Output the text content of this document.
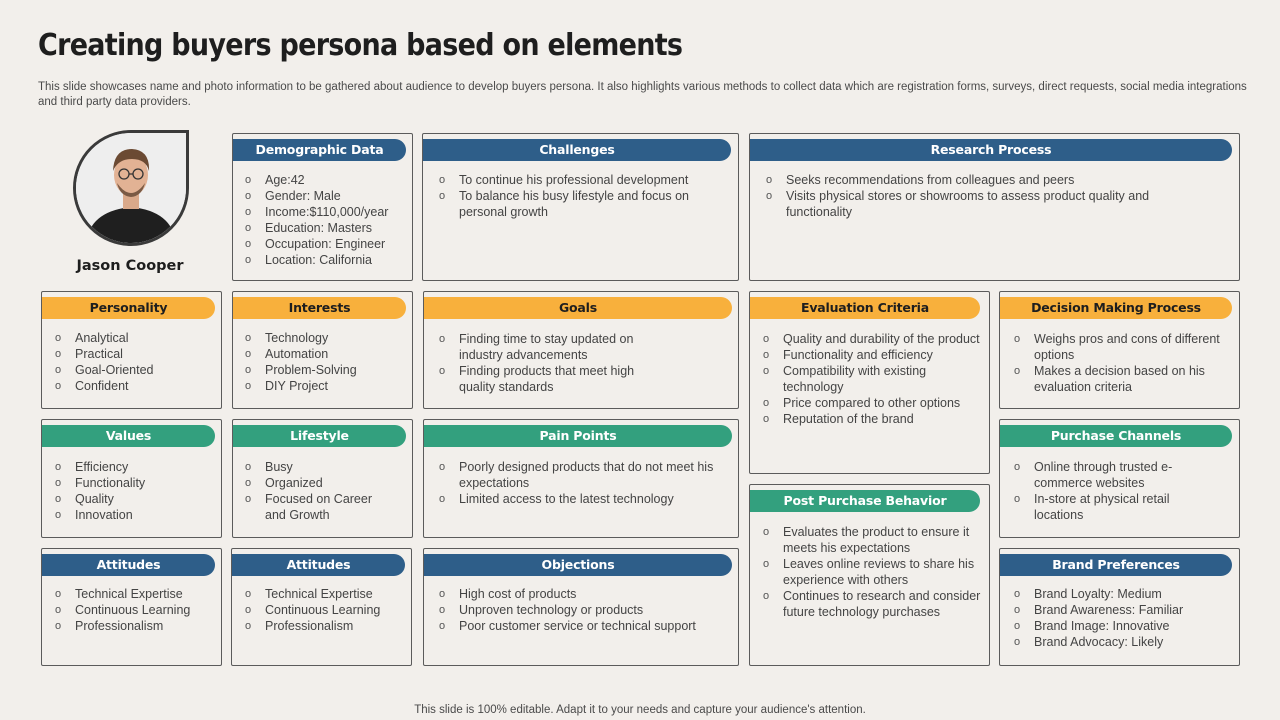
Creating buyers persona based on elements
This slide showcases name and photo information to be gathered about audience to develop buyers persona. It also highlights various methods to collect data which are registration forms, surveys, direct requests, social media integrations and third party data providers.
Jason Cooper
Demographic Data
o Age:42
o Gender: Male
o Income:$110,000/year
o Education: Masters
o Occupation: Engineer
o Location: California
Challenges
o To continue his professional development
o To balance his busy lifestyle and focus on personal growth
Research Process
o Seeks recommendations from colleagues and peers
o Visits physical stores or showrooms to assess product quality and functionality
Personality
o Analytical
o Practical
o Goal-Oriented
o Confident
Interests
o Technology
o Automation
o Problem-Solving
o DIY Project
Goals
o Finding time to stay updated on industry advancements
o Finding products that meet high quality standards
Evaluation Criteria
o Quality and durability of the product
o Functionality and efficiency
o Compatibility with existing technology
o Price compared to other options
o Reputation of the brand
Decision Making Process
o Weighs pros and cons of different options
o Makes a decision based on his evaluation criteria
Values
o Efficiency
o Functionality
o Quality
o Innovation
Lifestyle
o Busy
o Organized
o Focused on Career and Growth
Pain Points
o Poorly designed products that do not meet his expectations
o Limited access to the latest technology
Purchase Channels
o Online through trusted e-commerce websites
o In-store at physical retail locations
Post Purchase Behavior
o Evaluates the product to ensure it meets his expectations
o Leaves online reviews to share his experience with others
o Continues to research and consider future technology purchases
Attitudes
o Technical Expertise
o Continuous Learning
o Professionalism
Attitudes
o Technical Expertise
o Continuous Learning
o Professionalism
Objections
o High cost of products
o Unproven technology or products
o Poor customer service or technical support
Brand Preferences
o Brand Loyalty: Medium
o Brand Awareness: Familiar
o Brand Image: Innovative
o Brand Advocacy: Likely
This slide is 100% editable. Adapt it to your needs and capture your audience's attention.
